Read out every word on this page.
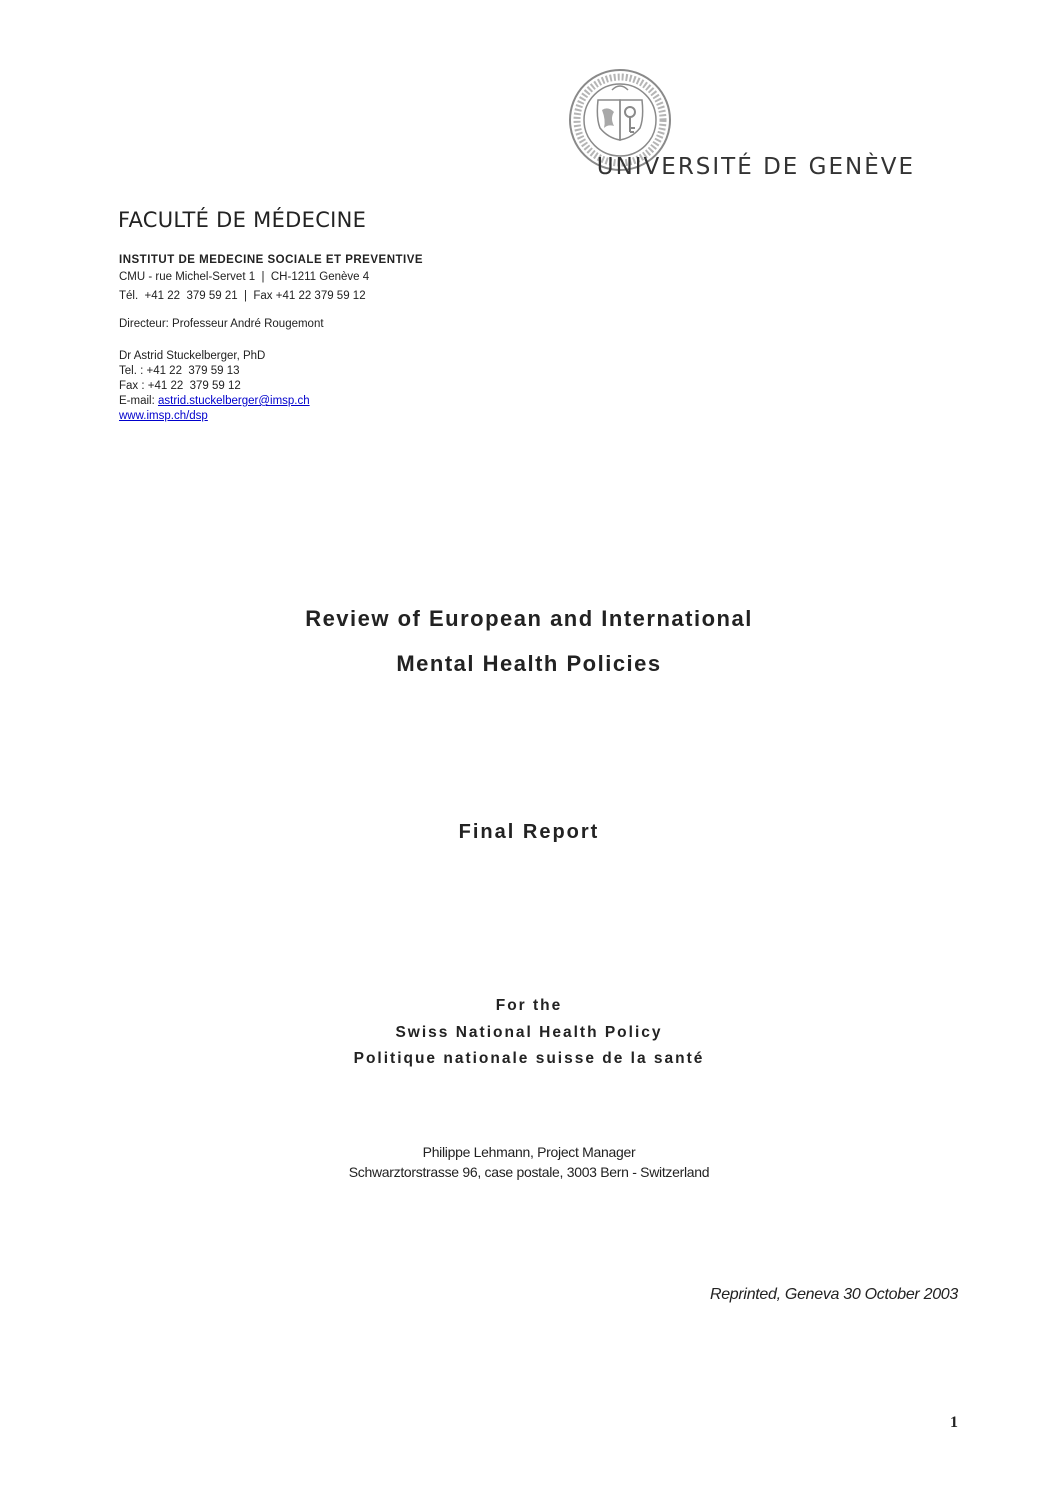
UNIVERSITÉ DE GENÈVE
FACULTÉ DE MÉDECINE
INSTITUT DE MEDECINE SOCIALE ET PREVENTIVE
CMU - rue Michel-Servet 1  |  CH-1211 Genève 4
Tél.  +41 22  379 59 21  |  Fax +41 22 379 59 12
Directeur: Professeur André Rougemont
Dr Astrid Stuckelberger, PhD
Tel. : +41 22  379 59 13
Fax : +41 22  379 59 12
E-mail: astrid.stuckelberger@imsp.ch
www.imsp.ch/dsp
Review of European and International
Mental Health Policies
Final Report
For the
Swiss National Health Policy
Politique nationale suisse de la santé
Philippe Lehmann, Project Manager
Schwarztorstrasse 96, case postale, 3003 Bern - Switzerland
Reprinted, Geneva 30 October 2003
1
